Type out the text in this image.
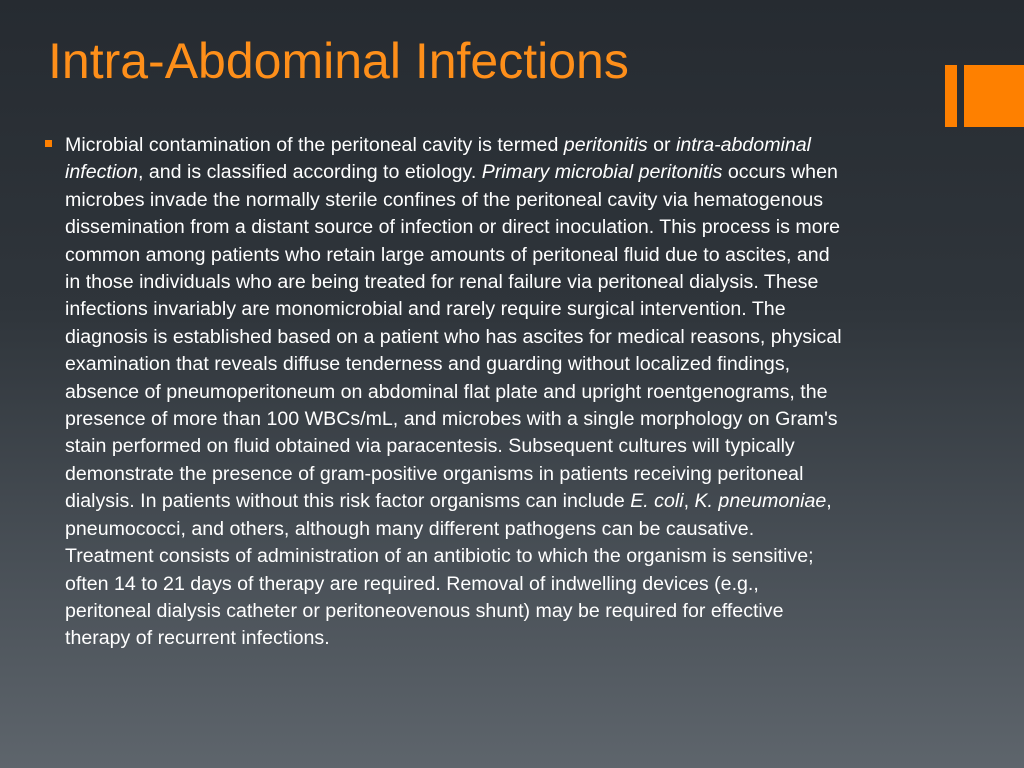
Intra-Abdominal Infections
Microbial contamination of the peritoneal cavity is termed peritonitis or intra-abdominal infection, and is classified according to etiology. Primary microbial peritonitis occurs when microbes invade the normally sterile confines of the peritoneal cavity via hematogenous dissemination from a distant source of infection or direct inoculation. This process is more common among patients who retain large amounts of peritoneal fluid due to ascites, and in those individuals who are being treated for renal failure via peritoneal dialysis. These infections invariably are monomicrobial and rarely require surgical intervention. The diagnosis is established based on a patient who has ascites for medical reasons, physical examination that reveals diffuse tenderness and guarding without localized findings, absence of pneumoperitoneum on abdominal flat plate and upright roentgenograms, the presence of more than 100 WBCs/mL, and microbes with a single morphology on Gram's stain performed on fluid obtained via paracentesis. Subsequent cultures will typically demonstrate the presence of gram-positive organisms in patients receiving peritoneal dialysis. In patients without this risk factor organisms can include E. coli, K. pneumoniae, pneumococci, and others, although many different pathogens can be causative. Treatment consists of administration of an antibiotic to which the organism is sensitive; often 14 to 21 days of therapy are required. Removal of indwelling devices (e.g., peritoneal dialysis catheter or peritoneovenous shunt) may be required for effective therapy of recurrent infections.
